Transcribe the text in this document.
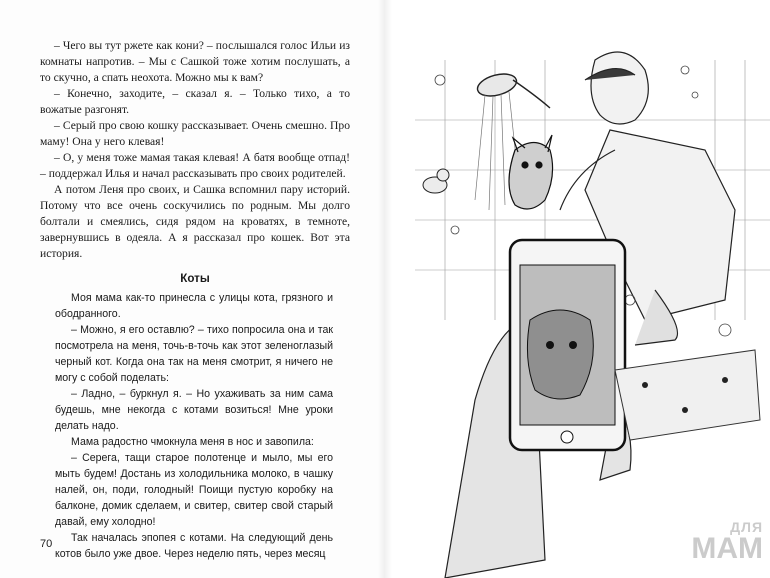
– Чего вы тут ржете как кони? – послышался голос Ильи из комнаты напротив. – Мы с Сашкой тоже хотим послушать, а то скучно, а спать неохота. Можно мы к вам?

– Конечно, заходите, – сказал я. – Только тихо, а то вожатые разгонят.

– Серый про свою кошку рассказывает. Очень смешно. Про маму! Она у него клевая!

– О, у меня тоже мамая такая клевая! А батя вообще отпад! – поддержал Илья и начал рассказывать про своих родителей.

А потом Леня про своих, и Сашка вспомнил пару историй. Потому что все очень соскучились по родным. Мы долго болтали и смеялись, сидя рядом на кроватях, в темноте, завернувшись в одеяла. А я рассказал про кошек. Вот эта история.

Коты

Моя мама как-то принесла с улицы кота, грязного и ободранного.

– Можно, я его оставлю? – тихо попросила она и так посмотрела на меня, точь-в-точь как этот зеленоглазый черный кот. Когда она так на меня смотрит, я ничего не могу с собой поделать:

– Ладно, – буркнул я. – Но ухаживать за ним сама будешь, мне некогда с котами возиться! Мне уроки делать надо.

Мама радостно чмокнула меня в нос и завопила:

– Серега, тащи старое полотенце и мыло, мы его мыть будем! Достань из холодильника молоко, в чашку налей, он, поди, голодный! Поищи пустую коробку на балконе, домик сделаем, и свитер, свитер свой старый давай, ему холодно!

Так началась эпопея с котами. На следующий день котов было уже двое. Через неделю пять, через месяц

70
ДЛЯ
МАМ
